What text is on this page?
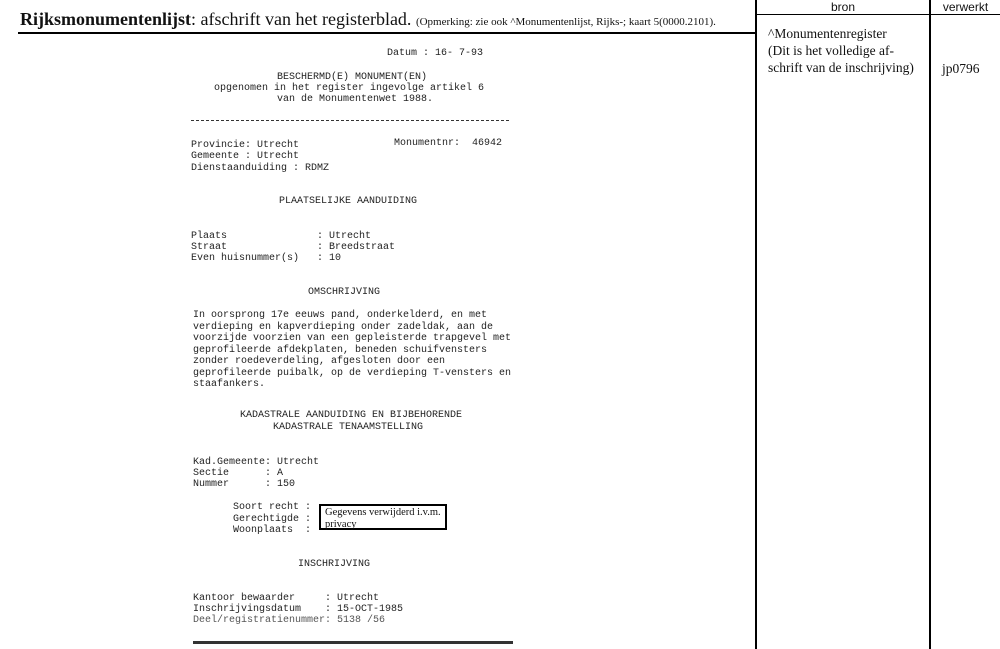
Rijksmonumentenlijst: afschrift van het registerblad. (Opmerking: zie ook ^Monumentenlijst, Rijks-; kaart 5(0000.2101).
bron	verwerkt
^Monumentenregister
(Dit is het volledige af-
schrift van de inschrijving) jp0796
Datum : 16- 7-93
BESCHERMD(E) MONUMENT(EN)
opgenomen in het register ingevolge artikel 6
van de Monumentenwet 1988.
Provincie: Utrecht	Monumentnr:  46942
Gemeente : Utrecht
Dienstaanduiding : RDMZ
PLAATSELIJKE AANDUIDING
Plaats               : Utrecht
Straat               : Breedstraat
Even huisnummer(s)   : 10
OMSCHRIJVING
In oorsprong 17e eeuws pand, onderkelderd, en met
verdieping en kapverdieping onder zadeldak, aan de
voorzijde voorzien van een gepleisterde trapgevel met
geprofileerde afdekplaten, beneden schuifvensters
zonder roedeverdeling, afgesloten door een
geprofileerde puibalk, op de verdieping T-vensters en
staafankers.
KADASTRALE AANDUIDING EN BIJBEHORENDE
KADASTRALE TENAAMSTELLING
Kad.Gemeente: Utrecht
Sectie      : A
Nummer      : 150
Soort recht :
Gerechtigde :
Woonplaats  :
Gegevens verwijderd i.v.m.
privacy
INSCHRIJVING
Kantoor bewaarder     : Utrecht
Inschrijvingsdatum    : 15-OCT-1985
Deel/registratienummer: 5138 /56
